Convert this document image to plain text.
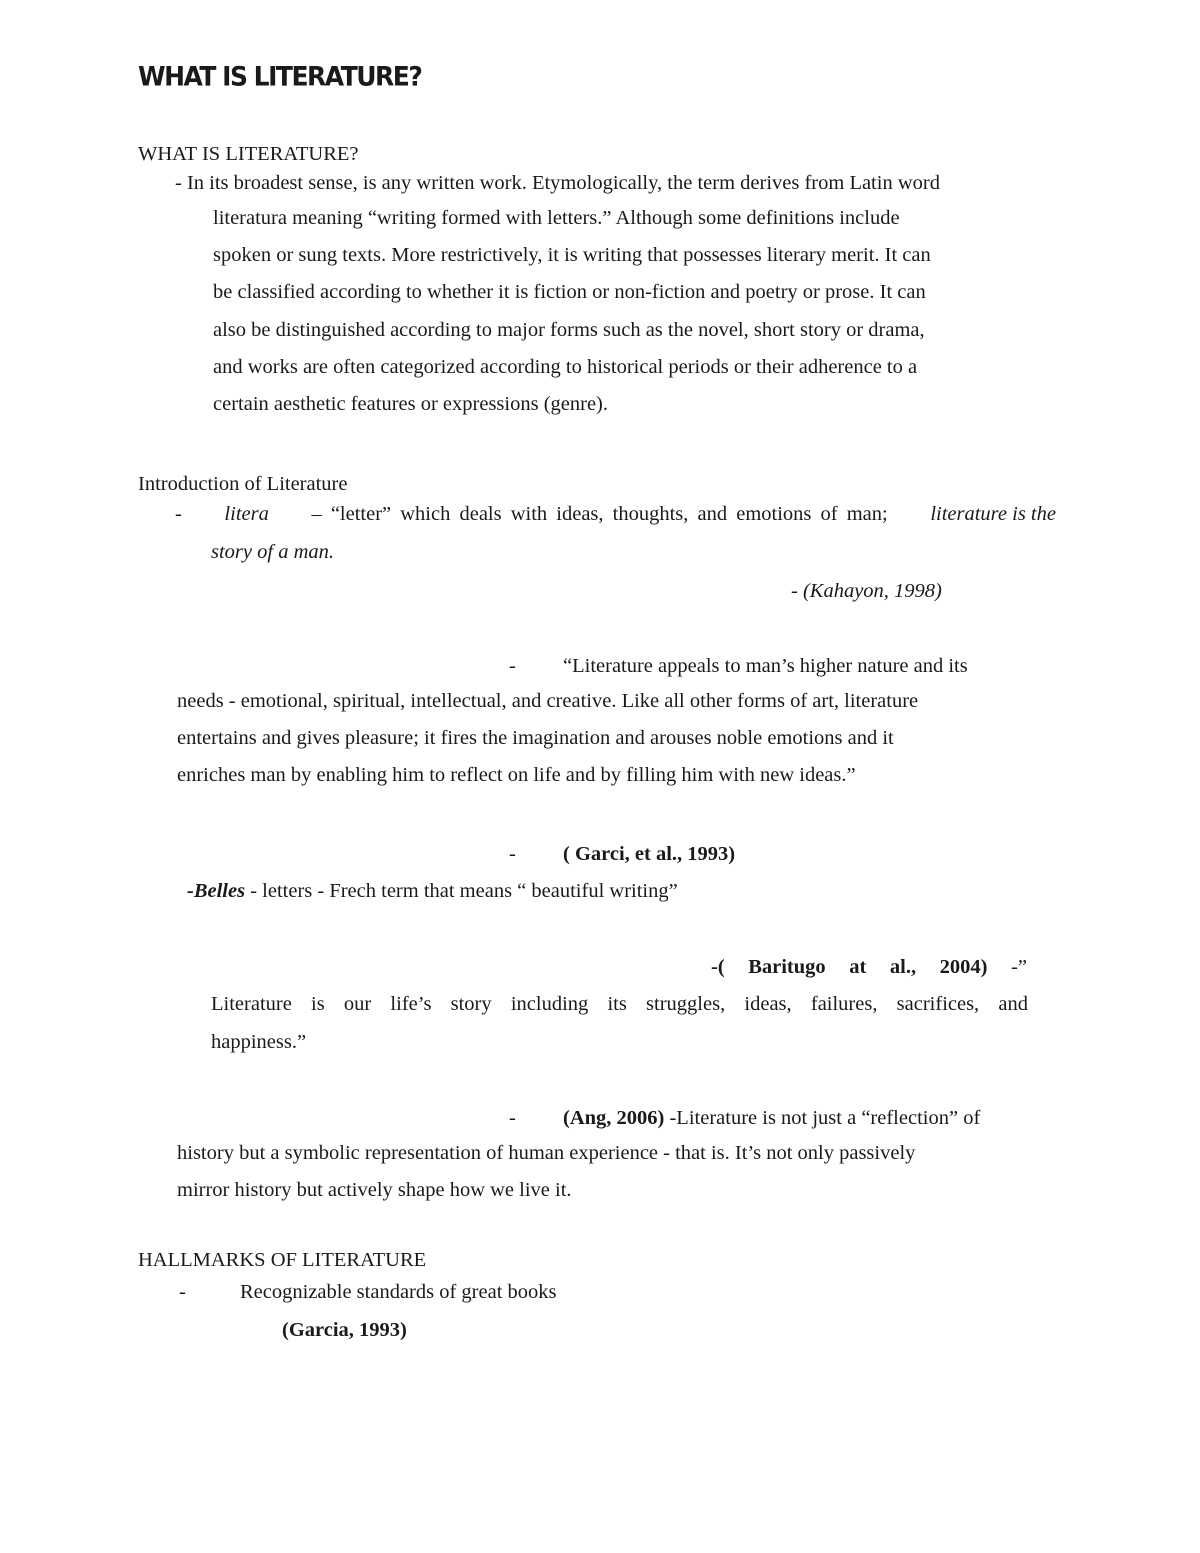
WHAT IS LITERATURE?
WHAT IS LITERATURE?
- In its broadest sense, is any written work. Etymologically, the term derives from Latin word
literatura meaning “writing formed with letters.” Although some definitions include
spoken or sung texts. More restrictively, it is writing that possesses literary merit. It can
be classified according to whether it is fiction or non-fiction and poetry or prose. It can
also be distinguished according to major forms such as the novel, short story or drama,
and works are often categorized according to historical periods or their adherence to a
certain aesthetic features or expressions (genre).
Introduction of Literature
- litera – “letter” which deals with ideas, thoughts, and emotions of man; literature is the
story of a man.
- (Kahayon, 1998)
- “Literature appeals to man’s higher nature and its
needs - emotional, spiritual, intellectual, and creative. Like all other forms of art, literature
entertains and gives pleasure; it fires the imagination and arouses noble emotions and it
enriches man by enabling him to reflect on life and by filling him with new ideas.”
- ( Garci, et al., 1993)
-Belles - letters - Frech term that means “ beautiful writing”
-( Baritugo at al., 2004) -”
Literature is our life’s story including its struggles, ideas, failures, sacrifices, and
happiness.”
- (Ang, 2006) -Literature is not just a “reflection” of
history but a symbolic representation of human experience - that is. It’s not only passively
mirror history but actively shape how we live it.
HALLMARKS OF LITERATURE
-	Recognizable standards of great books
(Garcia, 1993)
